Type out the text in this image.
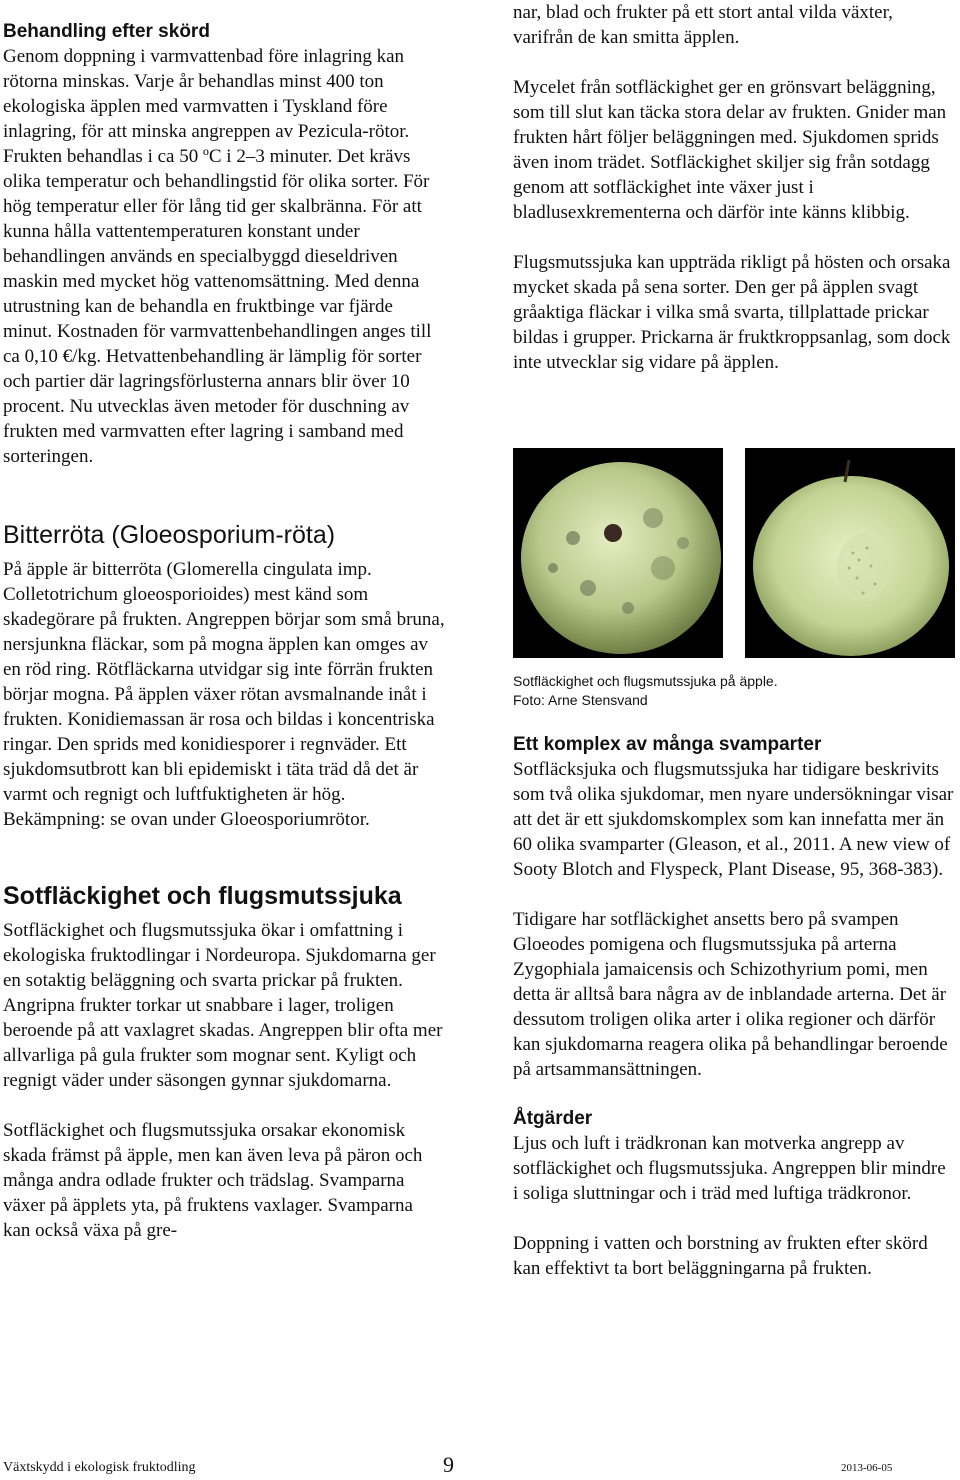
Behandling efter skörd

Genom doppning i varmvattenbad före inlagring kan rötorna minskas. Varje år behandlas minst 400 ton ekologiska äpplen med varmvatten i Tyskland före inlagring, för att minska angreppen av Pezicula-rötor. Frukten behandlas i ca 50 ºC i 2–3 minuter. Det krävs olika temperatur och behandlingstid för olika sorter. För hög temperatur eller för lång tid ger skalbränna. För att kunna hålla vattentemperaturen konstant under behandlingen används en specialbyggd dieseldriven maskin med mycket hög vattenomsättning. Med denna utrustning kan de behandla en fruktbinge var fjärde minut. Kostnaden för varmvattenbehandlingen anges till ca 0,10 €/kg. Hetvattenbehandling är lämplig för sorter och partier där lagringsförlusterna annars blir över 10 procent. Nu utvecklas även metoder för duschning av frukten med varmvatten efter lagring i samband med sorteringen.

Bitterröta (Gloeosporium-röta)

På äpple är bitterröta (Glomerella cingulata imp. Colletotrichum gloeosporioides) mest känd som skadegörare på frukten. Angreppen börjar som små bruna, nersjunkna fläckar, som på mogna äpplen kan omges av en röd ring. Rötfläckarna utvidgar sig inte förrän frukten börjar mogna. På äpplen växer rötan avsmalnande inåt i frukten. Konidiemassan är rosa och bildas i koncentriska ringar. Den sprids med konidiesporer i regnväder. Ett sjukdomsutbrott kan bli epidemiskt i täta träd då det är varmt och regnigt och luftfuktigheten är hög. Bekämpning: se ovan under Gloeosporiumrötor.

Sotfläckighet och flugsmutssjuka

Sotfläckighet och flugsmutssjuka ökar i omfattning i ekologiska fruktodlingar i Nordeuropa. Sjukdomarna ger en sotaktig beläggning och svarta prickar på frukten. Angripna frukter torkar ut snabbare i lager, troligen beroende på att vaxlagret skadas. Angreppen blir ofta mer allvarliga på gula frukter som mognar sent. Kyligt och regnigt väder under säsongen gynnar sjukdomarna.

Sotfläckighet och flugsmutssjuka orsakar ekonomisk skada främst på äpple, men kan även leva på päron och många andra odlade frukter och trädslag. Svamparna växer på äpplets yta, på fruktens vaxlager. Svamparna kan också växa på gre-

nar, blad och frukter på ett stort antal vilda växter, varifrån de kan smitta äpplen.

Mycelet från sotfläckighet ger en grönsvart beläggning, som till slut kan täcka stora delar av frukten. Gnider man frukten hårt följer beläggningen med. Sjukdomen sprids även inom trädet. Sotfläckighet skiljer sig från sotdagg genom att sotfläckighet inte växer just i bladlusexkrementerna och därför inte känns klibbig.

Flugsmutssjuka kan uppträda rikligt på hösten och orsaka mycket skada på sena sorter. Den ger på äpplen svagt gråaktiga fläckar i vilka små svarta, tillplattade prickar bildas i grupper. Prickarna är fruktkroppsanlag, som dock inte utvecklar sig vidare på äpplen.

Sotfläckighet och flugsmutssjuka på äpple.
Foto: Arne Stensvand
Ett komplex av många svamparter

Sotfläcksjuka och flugsmutssjuka har tidigare beskrivits som två olika sjukdomar, men nyare undersökningar visar att det är ett sjukdomskomplex som kan innefatta mer än 60 olika svamparter (Gleason, et al., 2011. A new view of Sooty Blotch and Flyspeck, Plant Disease, 95, 368-383).

Tidigare har sotfläckighet ansetts bero på svampen Gloeodes pomigena och flugsmutssjuka på arterna Zygophiala jamaicensis och Schizothyrium pomi, men detta är alltså bara några av de inblandade arterna. Det är dessutom troligen olika arter i olika regioner och därför kan sjukdomarna reagera olika på behandlingar beroende på artsammansättningen.

Åtgärder

Ljus och luft i trädkronan kan motverka angrepp av sotfläckighet och flugsmutssjuka. Angreppen blir mindre i soliga sluttningar och i träd med luftiga trädkronor.

Doppning i vatten och borstning av frukten efter skörd kan effektivt ta bort beläggningarna på frukten.

Växtskydd i ekologisk fruktodling	9	2013-06-05
